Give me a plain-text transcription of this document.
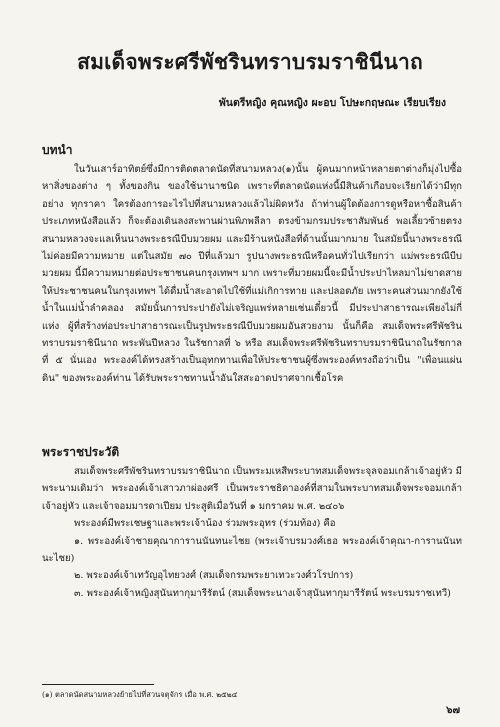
สมเด็จพระศรีพัชรินทราบรมราชินีนาถ
พันตรีหญิง คุณหญิง ผะอบ โปษะกฤษณะ เรียบเรียง
บทนำ

ในวันเสาร์อาทิตย์ซึ่งมีการติดตลาดนัดที่สนามหลวง(๑)นั้น ผู้คนมากหน้าหลายตาต่างก็มุ่งไปซื้อหาสิ่งของต่าง ๆ ทั้งของกิน ของใช้นานาชนิด เพราะที่ตลาดนัดแห่งนี้มีสินค้าเกือบจะเรียกได้ว่ามีทุกอย่าง ทุกราคา ใครต้องการอะไรไปที่สนามหลวงแล้วไม่ผิดหวัง ถ้าท่านผู้ใดต้องการดูหรือหาซื้อสินค้าประเภทหนังสือแล้ว ก็จะต้องเดินลงสะพานผ่านพิภพลีลา ตรงข้ามกรมประชาสัมพันธ์ พอเลี้ยวซ้ายตรงสนามหลวงจะแลเห็นนางพระธรณีบีบมวยผม และมีร้านหนังสือที่ด้านนั้นมากมาย ในสมัยนี้นางพระธรณีไม่ค่อยมีความหมาย แต่ในสมัย ๗๐ ปีที่แล้วมา รูปนางพระธรณีหรือคนทั่วไปเรียกว่า แม่พระธรณีบีบมวยผม นี้มีความหมายต่อประชาชนคนกรุงเทพฯ มาก เพราะที่มวยผมนี้จะมีน้ำประปาไหลมาไม่ขาดสายให้ประชาชนคนในกรุงเทพฯ ได้ดื่มน้ำสะอาดไปใช้ที่แม่เกิการทาย และปลอดภัย เพราะคนส่วนมากยังใช้น้ำในแม่น้ำลำคลอง สมัยนั้นการประปายังไม่เจริญแพร่หลายเช่นเดี๋ยวนี้ มีประปาสาธารณะเพียงไม่กี่แห่ง ผู้ที่สร้างท่อประปาสาธารณะเป็นรูปพระธรณีบีบมวยผมอันสวยงาม นั้นก็คือ สมเด็จพระศรีพัชรินทราบรมราชินีนาถ พระพันปีหลวง ในรัชกาลที่ ๖ หรือ สมเด็จพระศรีพัชรินทราบรมราชินีนาถในรัชกาลที่ ๕ นั่นเอง พระองค์ได้ทรงสร้างเป็นอุทกทานเพื่อให้ประชาชนผู้ซึ่งพระองค์ทรงถือว่าเป็น "เพื่อนแผ่นดิน" ของพระองค์ท่าน ได้รับพระราชทานน้ำอันใสสะอาดปราศจากเชื้อโรค

พระราชประวัติ

สมเด็จพระศรีพัชรินทราบรมราชินีนาถ เป็นพระมเหสีพระบาทสมเด็จพระจุลจอมเกล้าเจ้าอยู่หัว มีพระนามเดิมว่า พระองค์เจ้าเสาวภาผ่องศรี เป็นพระราชธิดาองค์ที่สามในพระบาทสมเด็จพระจอมเกล้าเจ้าอยู่หัว และเจ้าจอมมารดาเปียม ประสูติเมื่อวันที่ ๑ มกราคม พ.ศ. ๒๔๐๖

พระองค์มีพระเชษฐาและพระเจ้าน้อง ร่วมพระอุทร (ร่วมท้อง) คือ

๑. พระองค์เจ้าชายคุณาการานนันทนะไชย (พระเจ้าบรมวงศ์เธอ พระองค์เจ้าคุณา-การานนันทนะไชย)

๒. พระองค์เจ้าเทวัญอุไทยวงศ์ (สมเด็จกรมพระยาเทวะวงศ์วโรปการ)

๓. พระองค์เจ้าหญิงสุนันทากุมารีรัตน์ (สมเด็จพระนางเจ้าสุนันทากุมารีรัตน์ พระบรมราชเทวี)

(๑) ตลาดนัดสนามหลวงย้ายไปที่สวนจตุจักร เมื่อ พ.ศ. ๒๕๒๔
๖๗
